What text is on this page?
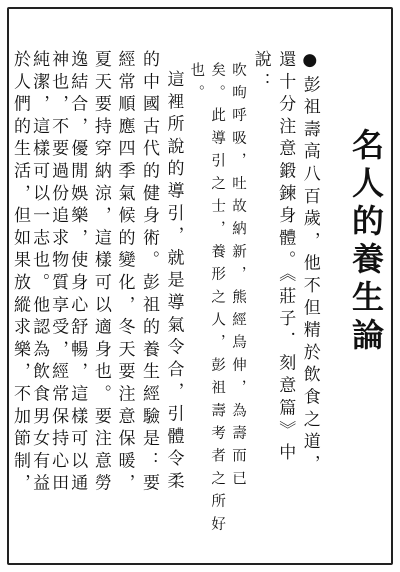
名人的養生論
●彭祖壽高八百歲，他不但精於飲食之道，
還十分注意鍛鍊身體。《莊子．刻意篇》中
說：
吹呴呼吸，吐故納新，熊經鳥伸，為壽而已
矣。此導引之士，養形之人，彭祖壽考者之所好
也。
這裡所說的導引，就是導氣令合，引體令柔
的中國古代的健身術。彭祖的養生經驗是：要
經常順應四季氣候的變化，冬天要注意保暖，
夏天要持穿納涼，這樣可以適身也。要注意勞
逸結合，優閒娛樂，使身心舒暢，這樣可以通
神也，不要過份追求物質享受，經常保持心田
純潔，這樣可以一志也。他認為飲食男女有益
於人們的生活，但如果放縱求樂，不加節制，
